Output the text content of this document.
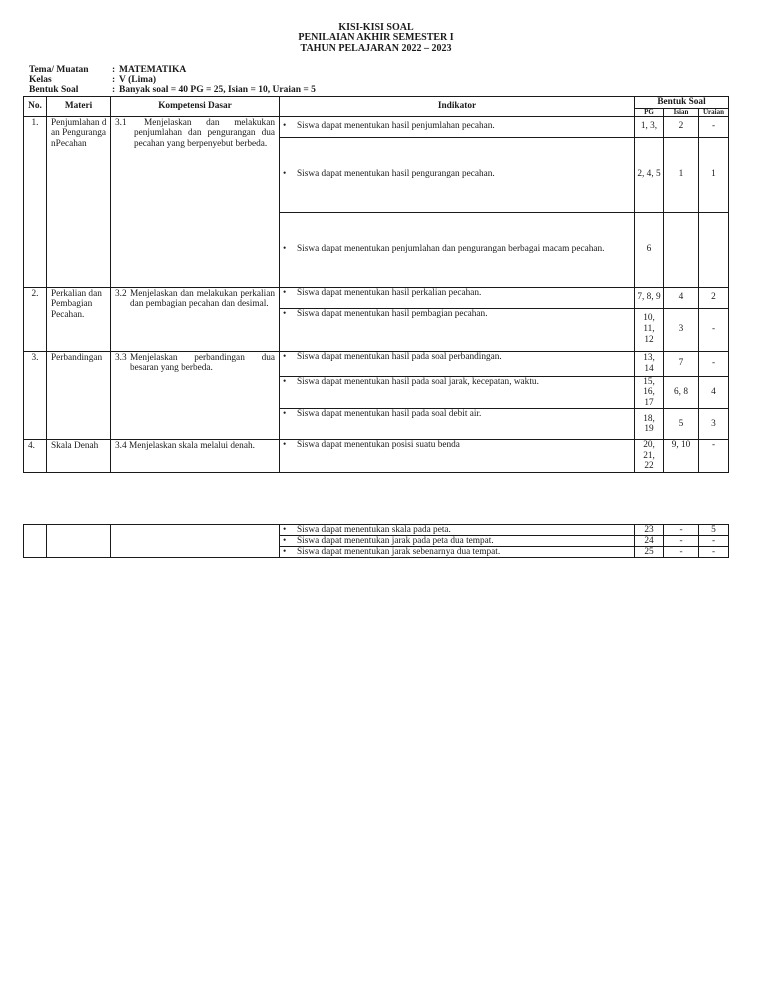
KISI-KISI SOAL
PENILAIAN AKHIR SEMESTER I
TAHUN PELAJARAN 2022 – 2023
Tema/ Muatan	: MATEMATIKA
Kelas	: V (Lima)
Bentuk Soal	: Banyak soal = 40 PG = 25, Isian = 10, Uraian = 5
No.	Materi	Kompetensi Dasar	Indikator	Bentuk Soal		
				PG	Isian	Uraian
1.	Penjumlahan dan PenguranganPecahan	3.1 Menjelaskan dan melakukan penjumlahan dan pengurangan dua pecahan yang berpenyebut berbeda.	• Siswa dapat menentukan hasil penjumlahan pecahan.	1, 3,	2	-
			• Siswa dapat menentukan hasil pengurangan pecahan.	2, 4, 5	1	1
			• Siswa dapat menentukan penjumlahan dan pengurangan berbagai macam pecahan.	6		
2.	Perkalian dan Pembagian Pecahan.	3.2 Menjelaskan dan melakukan perkalian dan pembagian pecahan dan desimal.	• Siswa dapat menentukan hasil perkalian pecahan.	7, 8, 9	4	2
			• Siswa dapat menentukan hasil pembagian pecahan.	10, 11, 12	3	-
3.	Perbandingan	3.3 Menjelaskan perbandingan dua besaran yang berbeda.	• Siswa dapat menentukan hasil pada soal perbandingan.	13, 14	7	-
			• Siswa dapat menentukan hasil pada soal jarak, kecepatan, waktu.	15, 16, 17	6, 8	4
			• Siswa dapat menentukan hasil pada soal debit air.	18, 19	5	3
4.	Skala Denah	3.4 Menjelaskan skala melalui denah.	• Siswa dapat menentukan posisi suatu benda	20, 21, 22	9, 10	-
			• Siswa dapat menentukan skala pada peta.	23	-	5
			• Siswa dapat menentukan jarak pada peta dua tempat.	24	-	-
			• Siswa dapat menentukan jarak sebenarnya dua tempat.	25	-	-
